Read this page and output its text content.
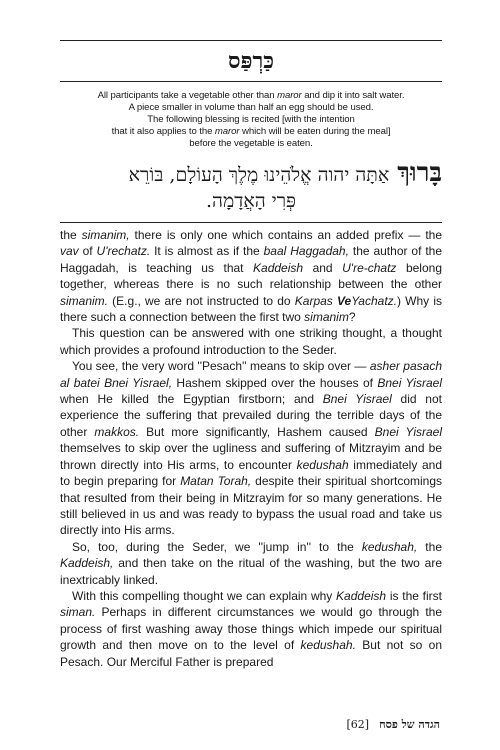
כַּרְפַּס

All participants take a vegetable other than maror and dip it into salt water.

A piece smaller in volume than half an egg should be used.

The following blessing is recited [with the intention

that it also applies to the maror which will be eaten during the meal]

before the vegetable is eaten.

בָּרוּךְאַתָּה יהוה אֱלֹהֵינוּ מֶלֶךְ הָעוֹלָם, בּוֹרֵא
פְּרִי הָאֲדָמָה.

the simanim, there is only one which contains an added prefix — the vav of U'rechatz. It is almost as if the baal Haggadah, the author of the Haggadah, is teaching us that Kaddeish and U're-chatz belong together, whereas there is no such relationship between the other simanim. (E.g., we are not instructed to do Karpas VeYachatz.) Why is there such a connection between the first two simanim?

This question can be answered with one striking thought, a thought which provides a profound introduction to the Seder.

You see, the very word ''Pesach'' means to skip over — asher pasach al batei Bnei Yisrael, Hashem skipped over the houses of Bnei Yisrael when He killed the Egyptian firstborn; and Bnei Yisrael did not experience the suffering that prevailed during the terrible days of the other makkos. But more significantly, Hashem caused Bnei Yisrael themselves to skip over the ugliness and suffering of Mitzrayim and be thrown directly into His arms, to encounter kedushah immediately and to begin preparing for Matan Torah, despite their spiritual shortcomings that resulted from their being in Mitzrayim for so many generations. He still believed in us and was ready to bypass the usual road and take us directly into His arms.

So, too, during the Seder, we ''jump in'' to the kedushah, the Kaddeish, and then take on the ritual of the washing, but the two are inextricably linked.

With this compelling thought we can explain why Kaddeish is the first siman. Perhaps in different circumstances we would go through the process of first washing away those things which impede our spiritual growth and then move on to the level of kedushah. But not so on Pesach. Our Merciful Father is prepared

הגדה של פסח[62]
